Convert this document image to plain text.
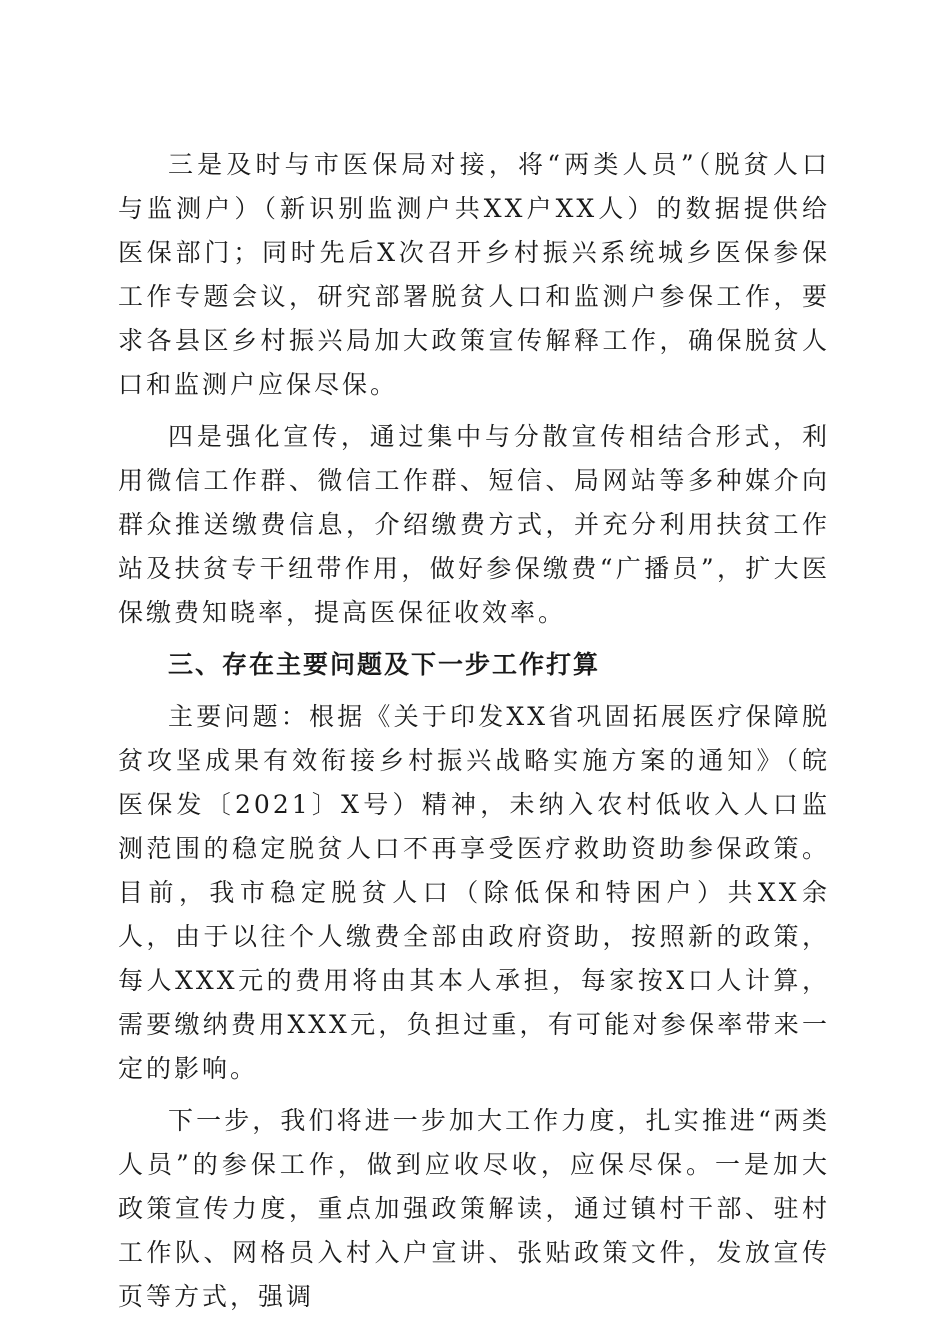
三是及时与市医保局对接，将“两类人员”（脱贫人口与监测户）（新识别监测户共XX户XX人）的数据提供给医保部门；同时先后X次召开乡村振兴系统城乡医保参保工作专题会议，研究部署脱贫人口和监测户参保工作，要求各县区乡村振兴局加大政策宣传解释工作，确保脱贫人口和监测户应保尽保。

四是强化宣传，通过集中与分散宣传相结合形式，利用微信工作群、微信工作群、短信、局网站等多种媒介向群众推送缴费信息，介绍缴费方式，并充分利用扶贫工作站及扶贫专干纽带作用，做好参保缴费“广播员”，扩大医保缴费知晓率，提高医保征收效率。

三、存在主要问题及下一步工作打算

主要问题：根据《关于印发XX省巩固拓展医疗保障脱贫攻坚成果有效衔接乡村振兴战略实施方案的通知》（皖医保发〔2021〕X号）精神，未纳入农村低收入人口监测范围的稳定脱贫人口不再享受医疗救助资助参保政策。目前，我市稳定脱贫人口（除低保和特困户）共XX余人，由于以往个人缴费全部由政府资助，按照新的政策，每人XXX元的费用将由其本人承担，每家按X口人计算，需要缴纳费用XXX元，负担过重，有可能对参保率带来一定的影响。

下一步，我们将进一步加大工作力度，扎实推进“两类人员”的参保工作，做到应收尽收，应保尽保。一是加大政策宣传力度，重点加强政策解读，通过镇村干部、驻村工作队、网格员入村入户宣讲、张贴政策文件，发放宣传页等方式，强调
